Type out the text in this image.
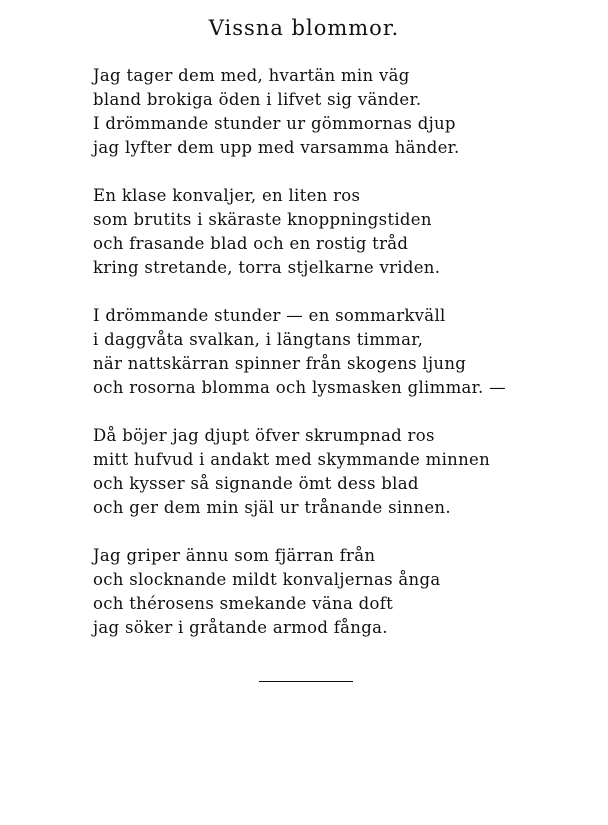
Vissna blommor.
Jag tager dem med, hvartän min väg
bland brokiga öden i lifvet sig vänder.
I drömmande stunder ur gömmornas djup
jag lyfter dem upp med varsamma händer.
En klase konvaljer, en liten ros
som brutits i skäraste knoppningstiden
och frasande blad och en rostig tråd
kring stretande, torra stjelkarne vriden.
I drömmande stunder — en sommarkväll
i daggvåta svalkan, i längtans timmar,
när nattskärran spinner från skogens ljung
och rosorna blomma och lysmasken glimmar. —
Då böjer jag djupt öfver skrumpnad ros
mitt hufvud i andakt med skymmande minnen
och kysser så signande ömt dess blad
och ger dem min själ ur trånande sinnen.
Jag griper ännu som fjärran från
och slocknande mildt konvaljernas ånga
och thérosens smekande väna doft
jag söker i gråtande armod fånga.
